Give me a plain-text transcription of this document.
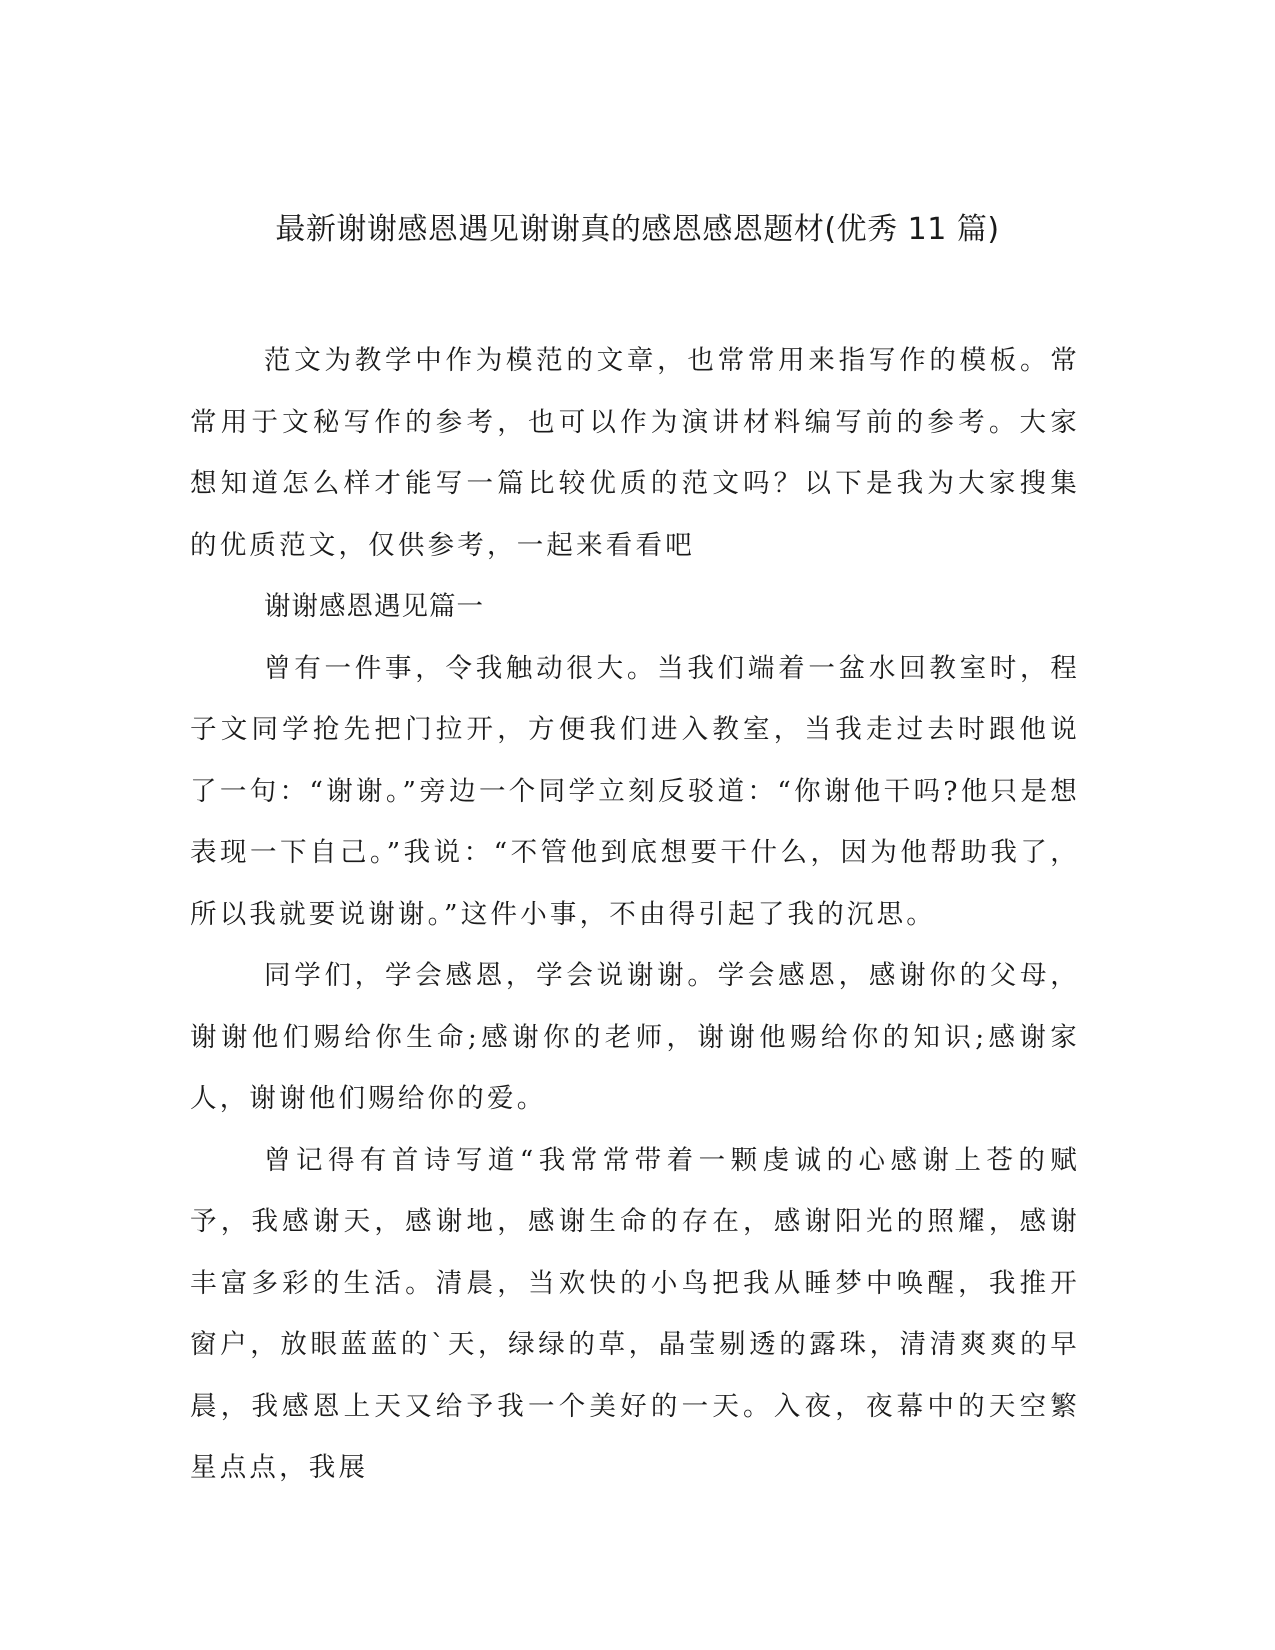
最新谢谢感恩遇见谢谢真的感恩感恩题材(优秀 11 篇)

范文为教学中作为模范的文章，也常常用来指写作的模板。常常用于文秘写作的参考，也可以作为演讲材料编写前的参考。大家想知道怎么样才能写一篇比较优质的范文吗？以下是我为大家搜集的优质范文，仅供参考，一起来看看吧

谢谢感恩遇见篇一

曾有一件事，令我触动很大。当我们端着一盆水回教室时，程子文同学抢先把门拉开，方便我们进入教室，当我走过去时跟他说了一句：“谢谢。”旁边一个同学立刻反驳道：“你谢他干吗?他只是想表现一下自己。”我说：“不管他到底想要干什么，因为他帮助我了，所以我就要说谢谢。”这件小事，不由得引起了我的沉思。

同学们，学会感恩，学会说谢谢。学会感恩，感谢你的父母，谢谢他们赐给你生命;感谢你的老师，谢谢他赐给你的知识;感谢家人，谢谢他们赐给你的爱。

曾记得有首诗写道“我常常带着一颗虔诚的心感谢上苍的赋予，我感谢天，感谢地，感谢生命的存在，感谢阳光的照耀，感谢丰富多彩的生活。清晨，当欢快的小鸟把我从睡梦中唤醒，我推开窗户，放眼蓝蓝的`天，绿绿的草，晶莹剔透的露珠，清清爽爽的早晨，我感恩上天又给予我一个美好的一天。入夜，夜幕中的天空繁星点点，我展
